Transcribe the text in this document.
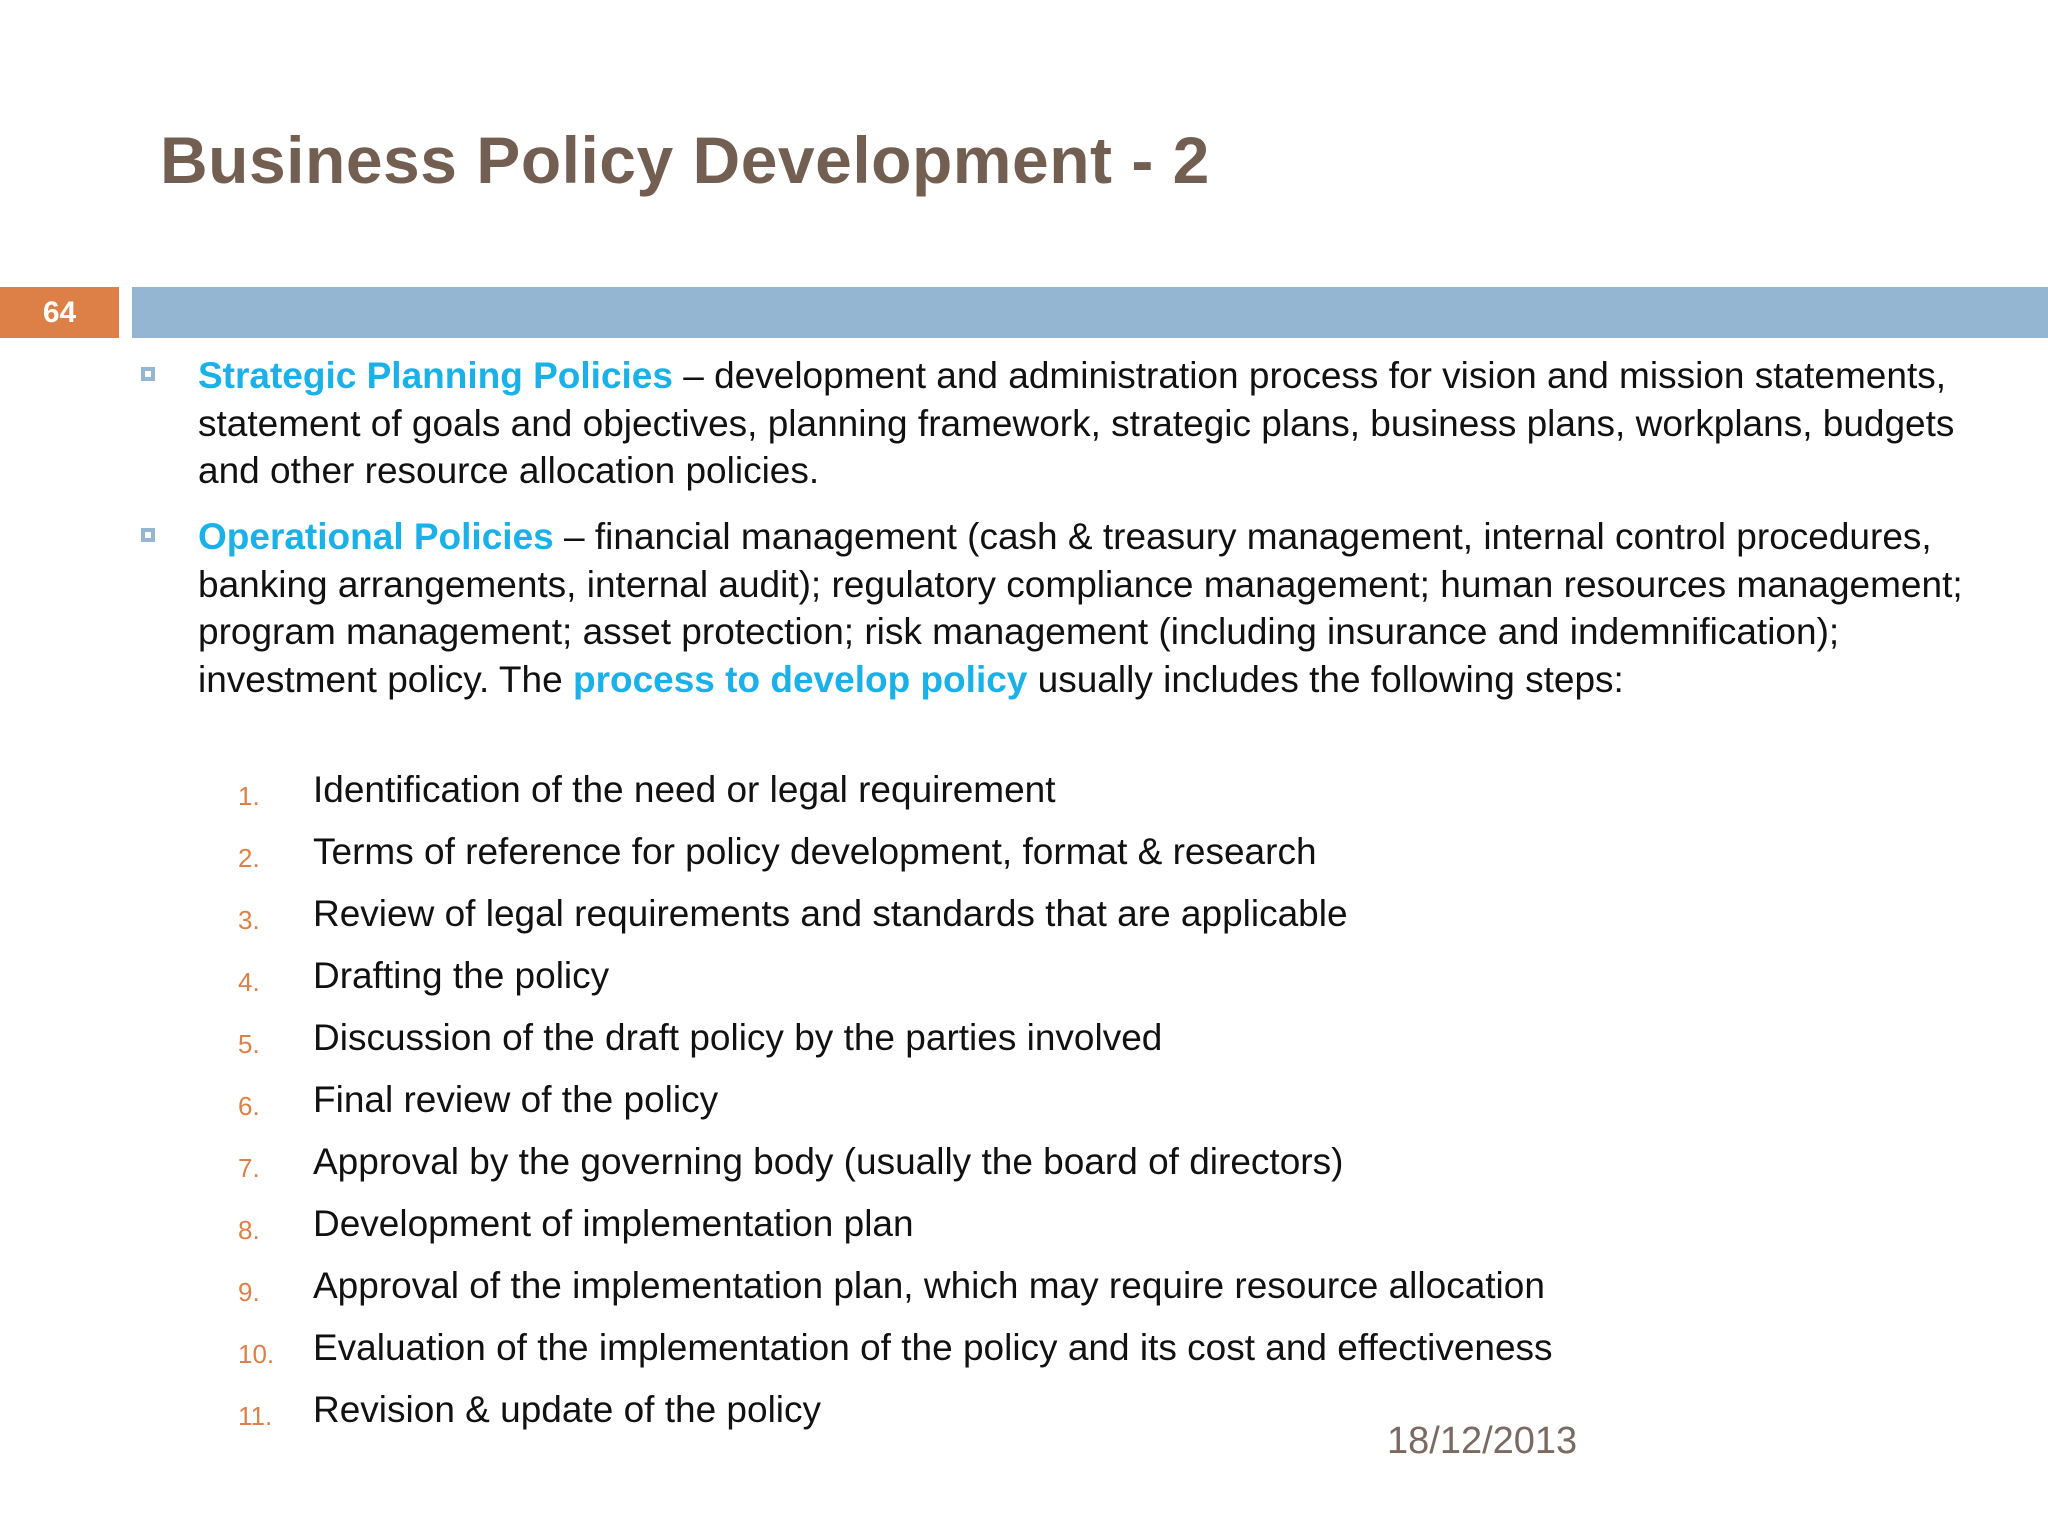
Business Policy Development - 2
64
Strategic Planning Policies – development and administration process for vision and mission statements, statement of goals and objectives, planning framework, strategic plans, business plans, workplans, budgets and other resource allocation policies.
Operational Policies – financial management (cash & treasury management, internal control procedures, banking arrangements, internal audit); regulatory compliance management; human resources management; program management; asset protection; risk management (including insurance and indemnification); investment policy. The process to develop policy usually includes the following steps:
1.	Identification of the need or legal requirement
2.	Terms of reference for policy development, format & research
3.	Review of legal requirements and standards that are applicable
4.	Drafting the policy
5.	Discussion of the draft policy by the parties involved
6.	Final review of the policy
7.	Approval by the governing body (usually the board of directors)
8.	Development of implementation plan
9.	Approval of the implementation plan, which may require resource allocation
10.	Evaluation of the implementation of the policy and its cost and effectiveness
11.	Revision & update of the policy
18/12/2013
